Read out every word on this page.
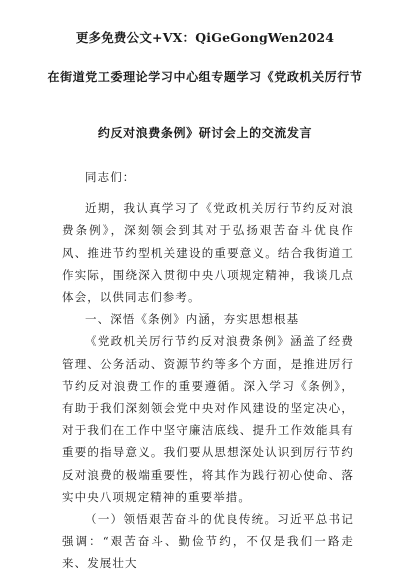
更多免费公文+VX：QiGeGongWen2024
在街道党工委理论学习中心组专题学习《党政机关厉行节
约反对浪费条例》研讨会上的交流发言

同志们：

近期，我认真学习了《党政机关厉行节约反对浪费条例》，深刻领会到其对于弘扬艰苦奋斗优良作风、推进节约型机关建设的重要意义。结合我街道工作实际，围绕深入贯彻中央八项规定精神，我谈几点体会，以供同志们参考。

一、深悟《条例》内涵，夯实思想根基

《党政机关厉行节约反对浪费条例》涵盖了经费管理、公务活动、资源节约等多个方面，是推进厉行节约反对浪费工作的重要遵循。深入学习《条例》，有助于我们深刻领会党中央对作风建设的坚定决心，对于我们在工作中坚守廉洁底线、提升工作效能具有重要的指导意义。我们要从思想深处认识到厉行节约反对浪费的极端重要性，将其作为践行初心使命、落实中央八项规定精神的重要举措。

（一）领悟艰苦奋斗的优良传统。习近平总书记强调：“艰苦奋斗、勤俭节约，不仅是我们一路走来、发展壮大
